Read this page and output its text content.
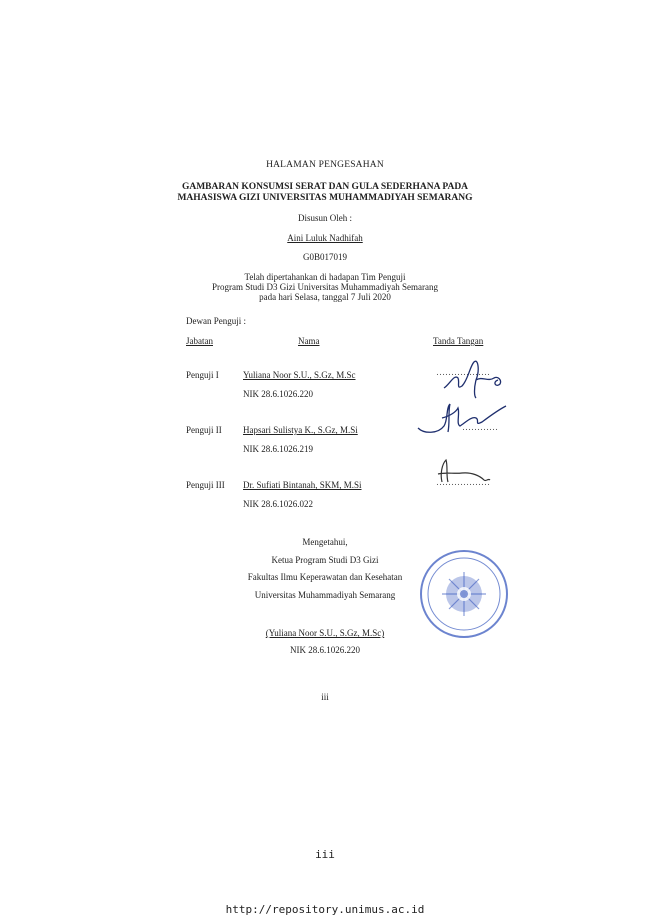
HALAMAN PENGESAHAN
GAMBARAN KONSUMSI SERAT DAN GULA SEDERHANA PADA
MAHASISWA GIZI UNIVERSITAS MUHAMMADIYAH SEMARANG
Disusun Oleh :
Aini Luluk Nadhifah
G0B017019
Telah dipertahankan di hadapan Tim Penguji
Program Studi D3 Gizi Universitas Muhammadiyah Semarang
pada hari Selasa, tanggal 7 Juli 2020
Dewan Penguji :
Jabatan	Nama	Tanda Tangan
Penguji I	Yuliana Noor S.U., S.Gz, M.Sc
NIK 28.6.1026.220
………………
Penguji II Hapsari Sulistya K., S.Gz, M.Si
NIK 28.6.1026.219
…………
Penguji III Dr. Sufiati Bintanah, SKM, M.Si
NIK 28.6.1026.022
………………
Mengetahui,
Ketua Program Studi D3 Gizi
Fakultas Ilmu Keperawatan dan Kesehatan
Universitas Muhammadiyah Semarang
(Yuliana Noor S.U., S.Gz, M.Sc)
NIK 28.6.1026.220
iii
iii
http://repository.unimus.ac.id
